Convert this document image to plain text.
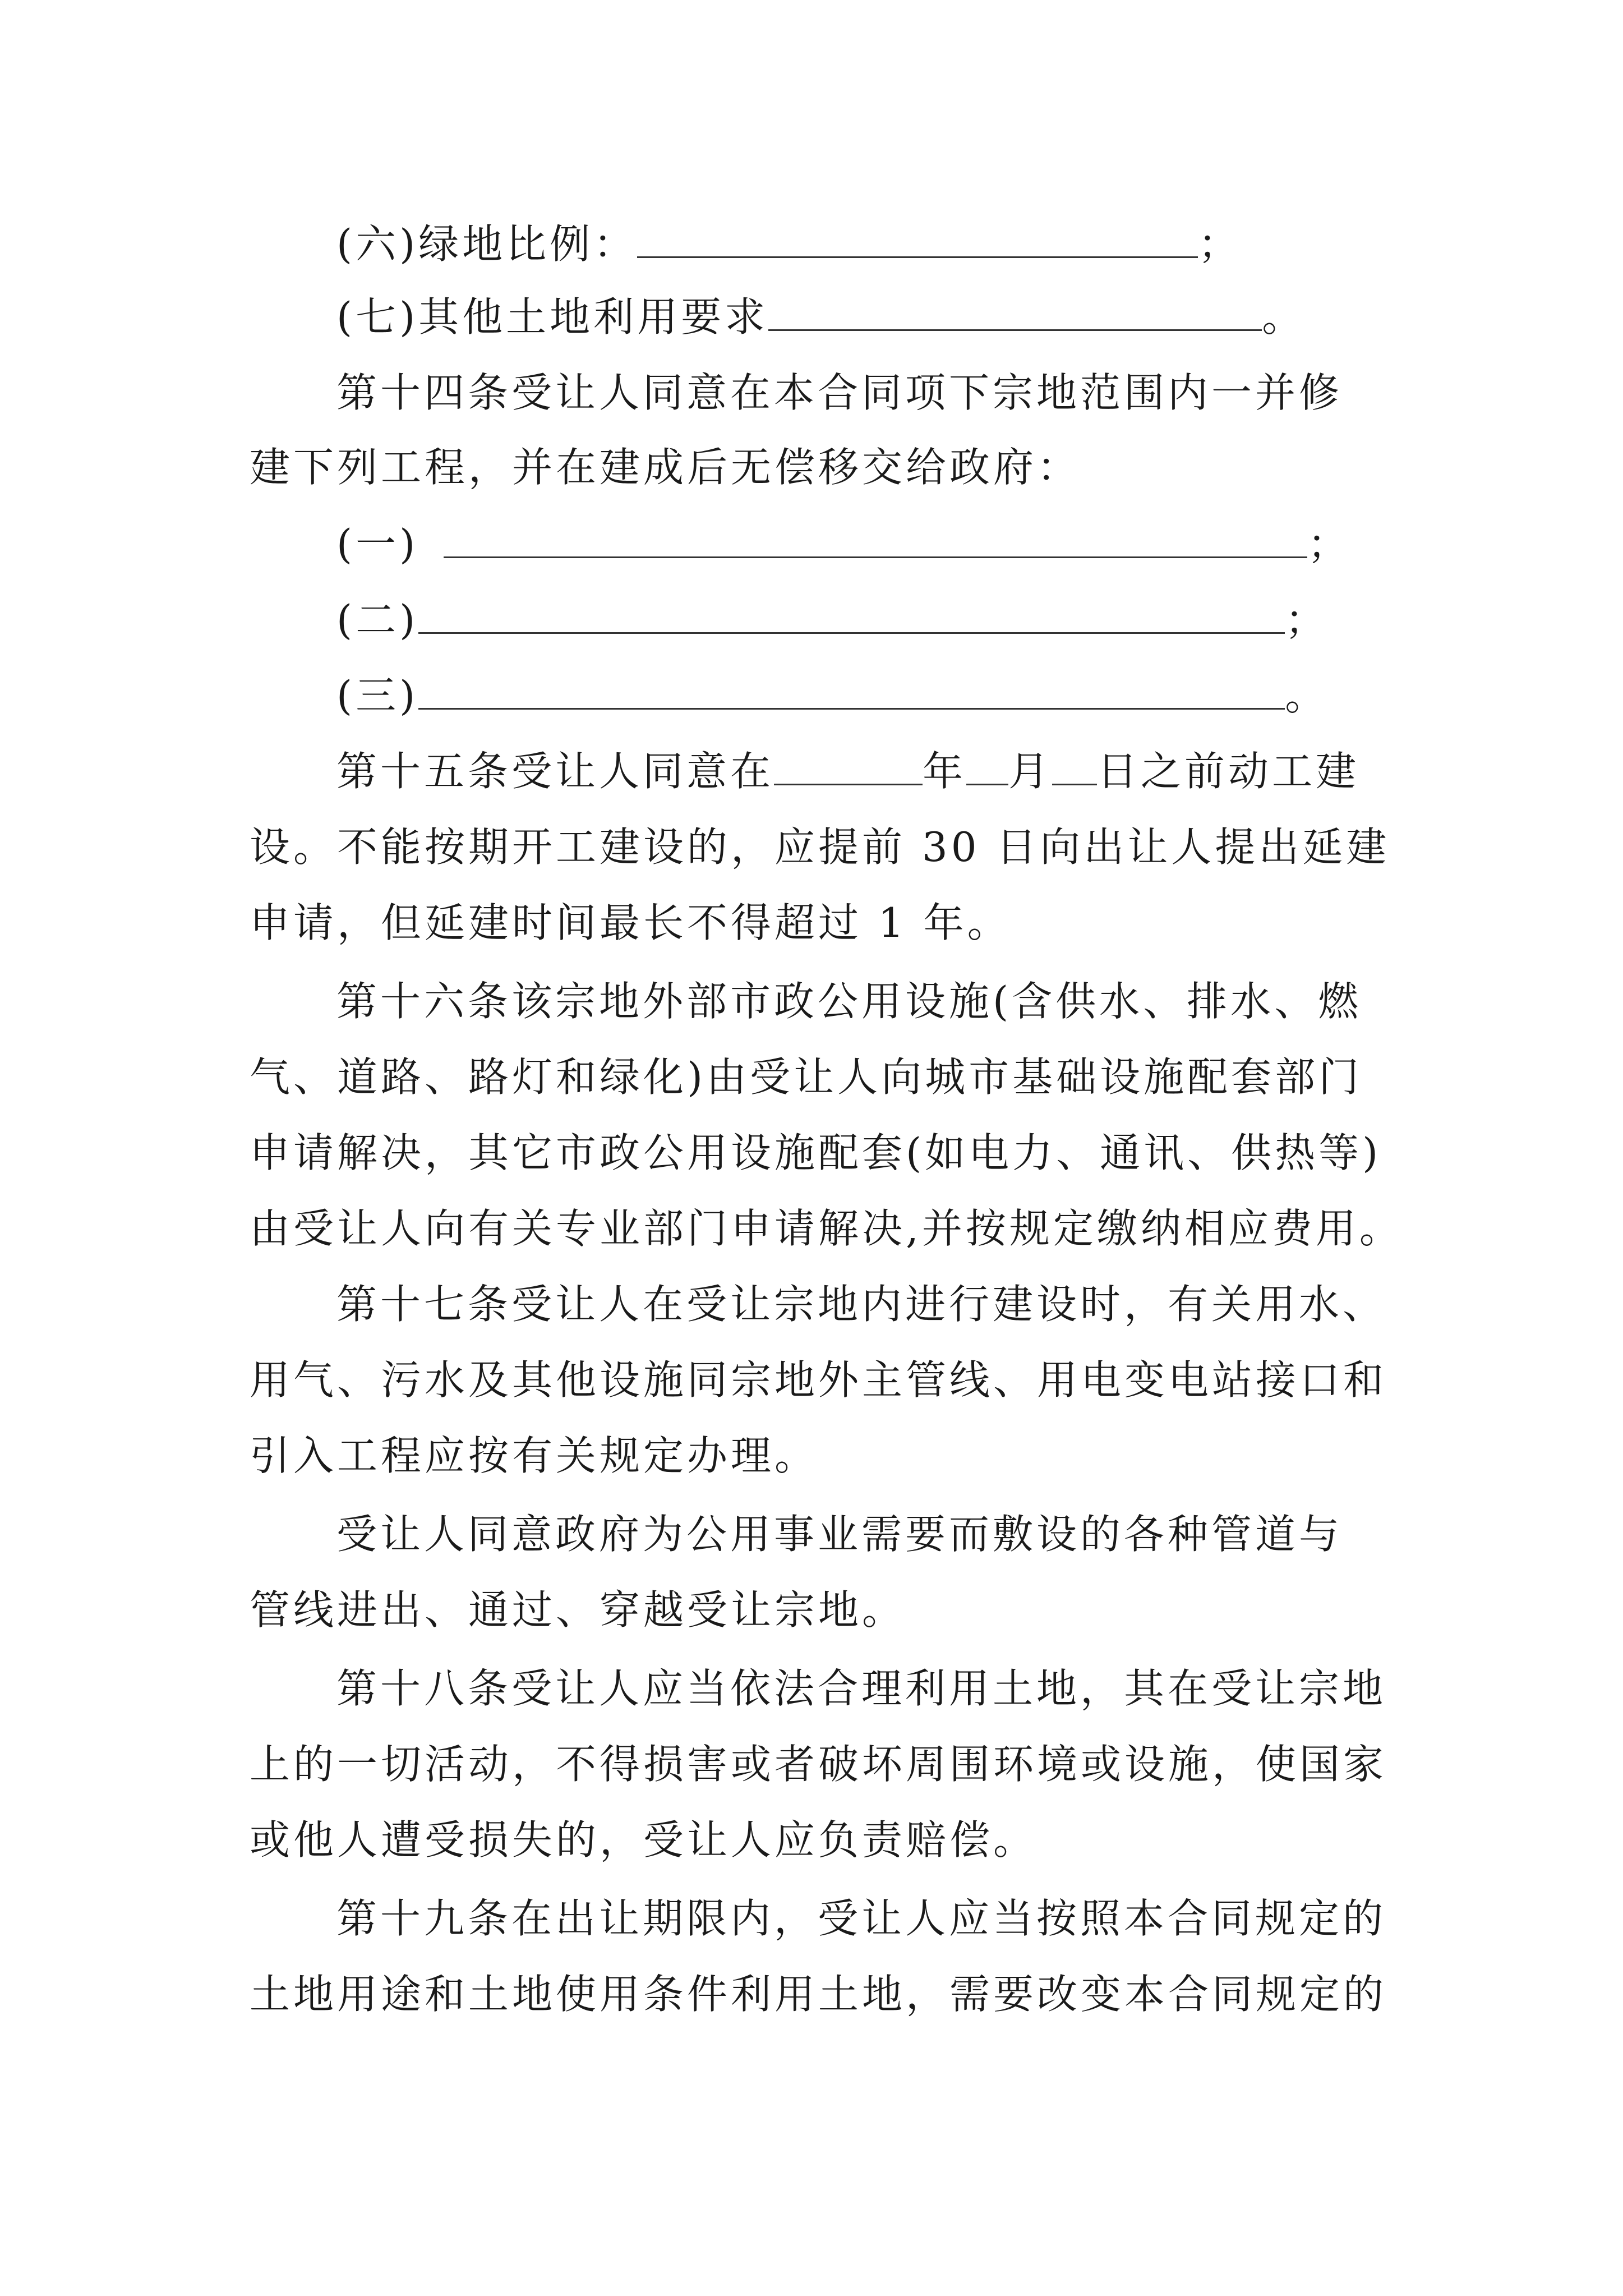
(六)绿地比例：	；
(七)其他土地利用要求	。
第十四条受让人同意在本合同项下宗地范围内一并修
建下列工程，并在建成后无偿移交给政府：
(一)	；
(二)	；
(三)	。
第十五条受让人同意在	年 月 日之前动工建
设。不能按期开工建设的，应提前 30 日向出让人提出延建
申请，但延建时间最长不得超过 1 年。
第十六条该宗地外部市政公用设施(含供水、排水、燃
气、道路、路灯和绿化)由受让人向城市基础设施配套部门
申请解决，其它市政公用设施配套(如电力、通讯、供热等)
由受让人向有关专业部门申请解决,并按规定缴纳相应费用。
第十七条受让人在受让宗地内进行建设时，有关用水、
用气、污水及其他设施同宗地外主管线、用电变电站接口和
引入工程应按有关规定办理。
受让人同意政府为公用事业需要而敷设的各种管道与
管线进出、通过、穿越受让宗地。
第十八条受让人应当依法合理利用土地，其在受让宗地
上的一切活动，不得损害或者破坏周围环境或设施，使国家
或他人遭受损失的，受让人应负责赔偿。
第十九条在出让期限内，受让人应当按照本合同规定的
土地用途和土地使用条件利用土地，需要改变本合同规定的
